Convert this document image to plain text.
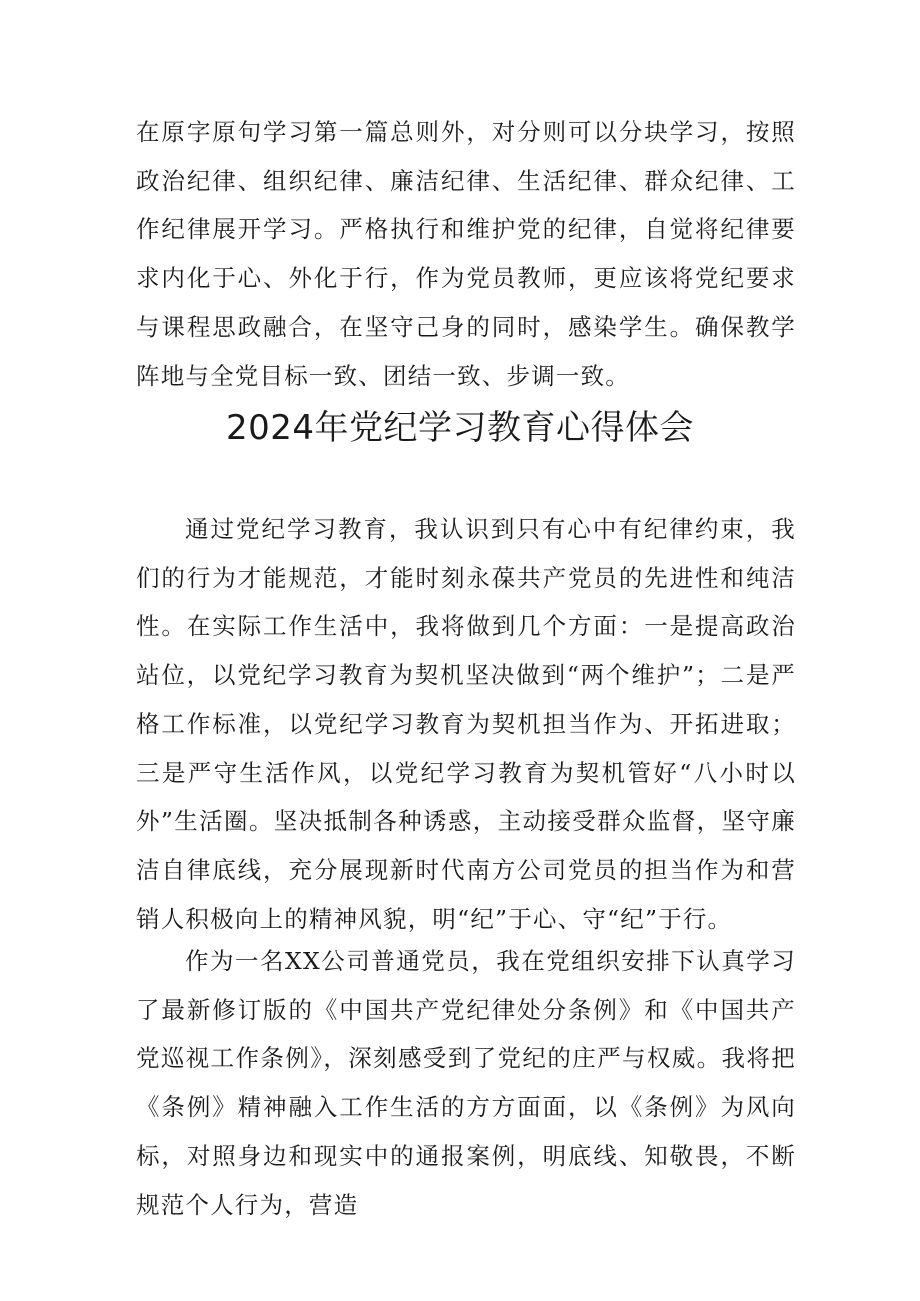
在原字原句学习第一篇总则外，对分则可以分块学习，按照政治纪律、组织纪律、廉洁纪律、生活纪律、群众纪律、工作纪律展开学习。严格执行和维护党的纪律，自觉将纪律要求内化于心、外化于行，作为党员教师，更应该将党纪要求与课程思政融合，在坚守己身的同时，感染学生。确保教学阵地与全党目标一致、团结一致、步调一致。

2024年党纪学习教育心得体会

通过党纪学习教育，我认识到只有心中有纪律约束，我们的行为才能规范，才能时刻永葆共产党员的先进性和纯洁性。在实际工作生活中，我将做到几个方面：一是提高政治站位，以党纪学习教育为契机坚决做到“两个维护”；二是严格工作标准，以党纪学习教育为契机担当作为、开拓进取；三是严守生活作风，以党纪学习教育为契机管好“八小时以外”生活圈。坚决抵制各种诱惑，主动接受群众监督，坚守廉洁自律底线，充分展现新时代南方公司党员的担当作为和营销人积极向上的精神风貌，明“纪”于心、守“纪”于行。

作为一名XX公司普通党员，我在党组织安排下认真学习了最新修订版的《中国共产党纪律处分条例》和《中国共产党巡视工作条例》，深刻感受到了党纪的庄严与权威。我将把《条例》精神融入工作生活的方方面面，以《条例》为风向标，对照身边和现实中的通报案例，明底线、知敬畏，不断规范个人行为，营造
